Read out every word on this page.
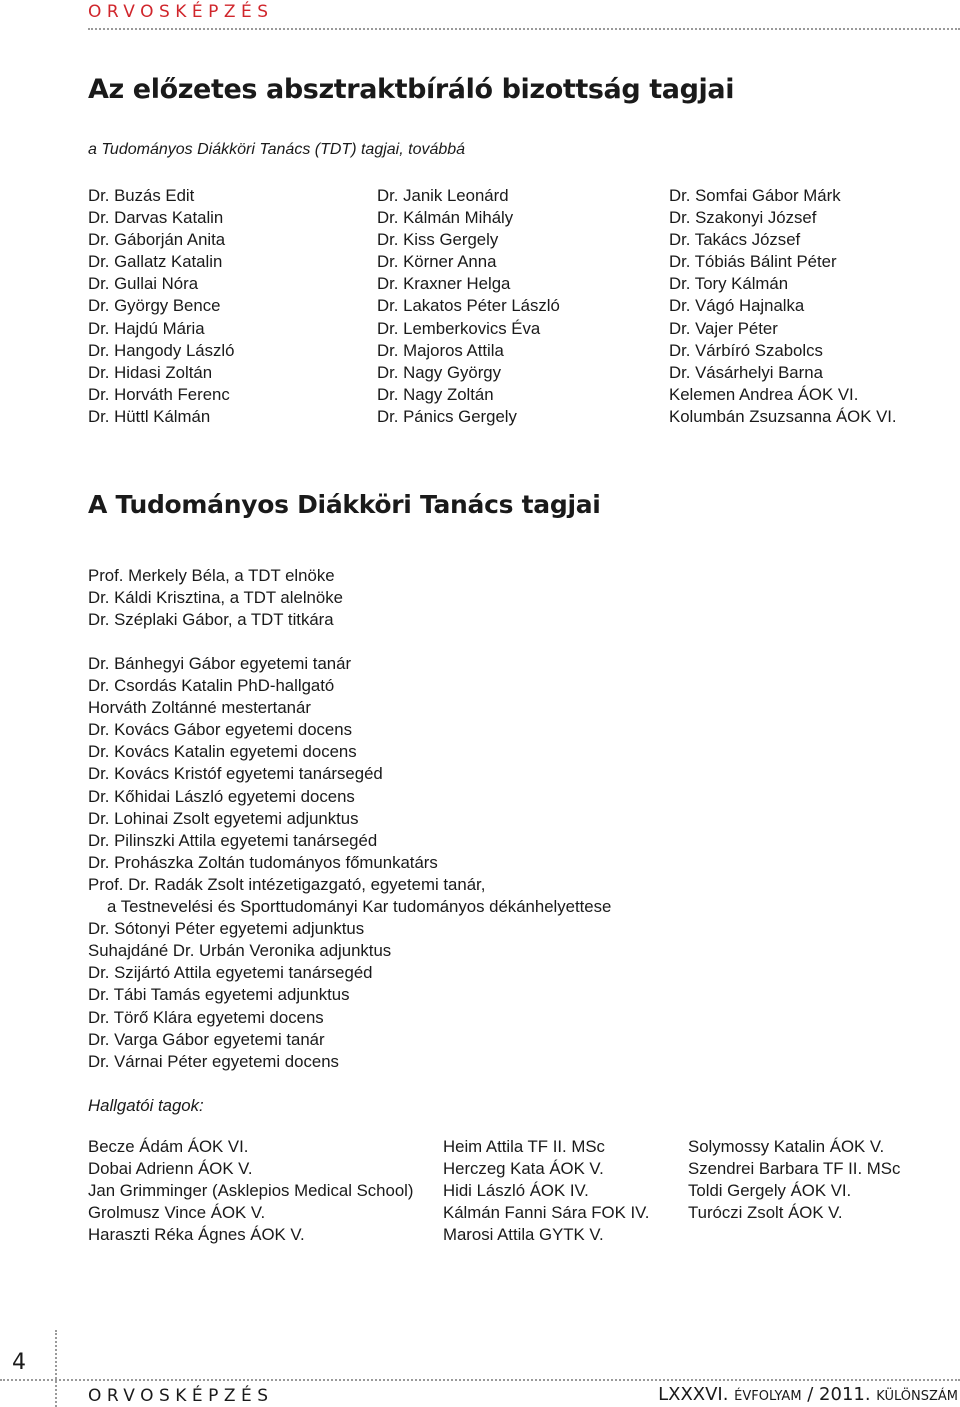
ORVOSKÉPZÉS
Az előzetes absztraktbíráló bizottság tagjai
a Tudományos Diákköri Tanács (TDT) tagjai, továbbá
Dr. Buzás Edit
Dr. Darvas Katalin
Dr. Gáborján Anita
Dr. Gallatz Katalin
Dr. Gullai Nóra
Dr. György Bence
Dr. Hajdú Mária
Dr. Hangody László
Dr. Hidasi Zoltán
Dr. Horváth Ferenc
Dr. Hüttl Kálmán
Dr. Janik Leonárd
Dr. Kálmán Mihály
Dr. Kiss Gergely
Dr. Körner Anna
Dr. Kraxner Helga
Dr. Lakatos Péter László
Dr. Lemberkovics Éva
Dr. Majoros Attila
Dr. Nagy György
Dr. Nagy Zoltán
Dr. Pánics Gergely
Dr. Somfai Gábor Márk
Dr. Szakonyi József
Dr. Takács József
Dr. Tóbiás Bálint Péter
Dr. Tory Kálmán
Dr. Vágó Hajnalka
Dr. Vajer Péter
Dr. Várbíró Szabolcs
Dr. Vásárhelyi Barna
Kelemen Andrea ÁOK VI.
Kolumbán Zsuzsanna ÁOK VI.
A Tudományos Diákköri Tanács tagjai
Prof. Merkely Béla, a TDT elnöke
Dr. Káldi Krisztina, a TDT alelnöke
Dr. Széplaki Gábor, a TDT titkára
Dr. Bánhegyi Gábor egyetemi tanár
Dr. Csordás Katalin PhD-hallgató
Horváth Zoltánné mestertanár
Dr. Kovács Gábor egyetemi docens
Dr. Kovács Katalin egyetemi docens
Dr. Kovács Kristóf egyetemi tanársegéd
Dr. Kőhidai László egyetemi docens
Dr. Lohinai Zsolt egyetemi adjunktus
Dr. Pilinszki Attila egyetemi tanársegéd
Dr. Prohászka Zoltán tudományos főmunkatárs
Prof. Dr. Radák Zsolt intézetigazgató, egyetemi tanár,
a Testnevelési és Sporttudományi Kar tudományos dékánhelyettese
Dr. Sótonyi Péter egyetemi adjunktus
Suhajdáné Dr. Urbán Veronika adjunktus
Dr. Szijártó Attila egyetemi tanársegéd
Dr. Tábi Tamás egyetemi adjunktus
Dr. Törő Klára egyetemi docens
Dr. Varga Gábor egyetemi tanár
Dr. Várnai Péter egyetemi docens
Hallgatói tagok:
Becze Ádám ÁOK VI.
Dobai Adrienn ÁOK V.
Jan Grimminger (Asklepios Medical School)
Grolmusz Vince ÁOK V.
Haraszti Réka Ágnes ÁOK V.
Heim Attila TF II. MSc
Herczeg Kata ÁOK V.
Hidi László ÁOK IV.
Kálmán Fanni Sára FOK IV.
Marosi Attila GYTK V.
Solymossy Katalin ÁOK V.
Szendrei Barbara TF II. MSc
Toldi Gergely ÁOK VI.
Turóczi Zsolt ÁOK V.
4
ORVOSKÉPZÉS	LXXXVI. évfolyam / 2011. különszám
